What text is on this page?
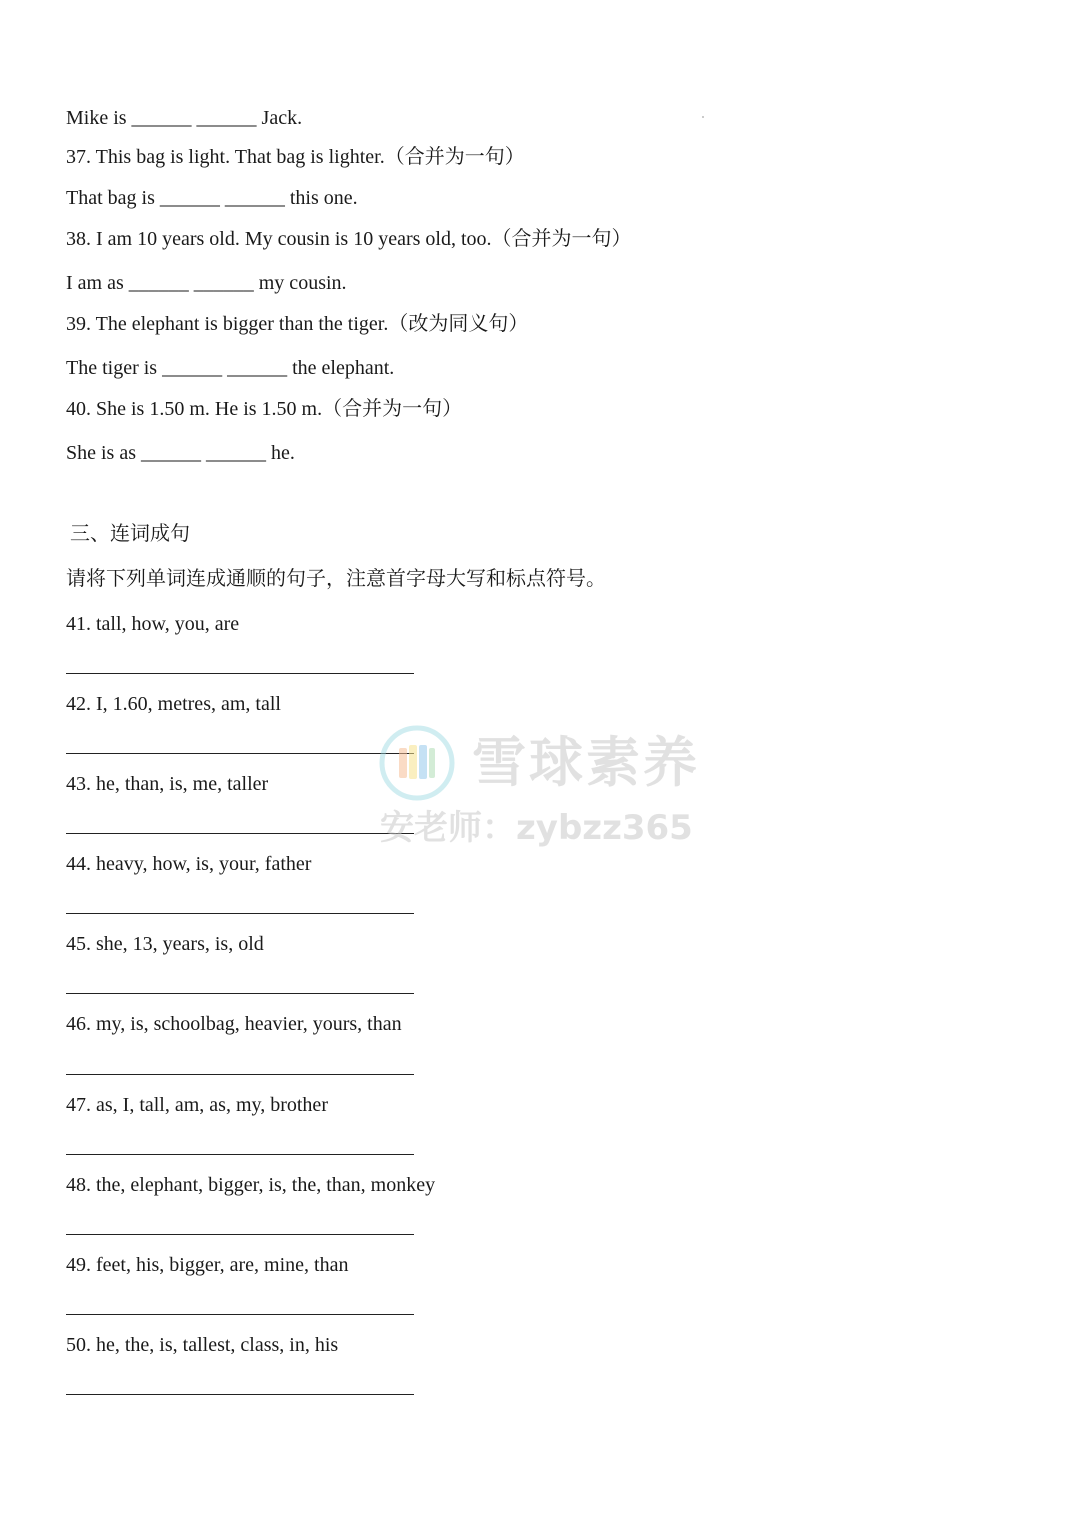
Mike is ______ ______ Jack.
37. This bag is light. That bag is lighter.（合并为一句）
That bag is ______ ______ this one.
38. I am 10 years old. My cousin is 10 years old, too.（合并为一句）
I am as ______ ______ my cousin.
39. The elephant is bigger than the tiger.（改为同义句）
The tiger is ______ ______ the elephant.
40. She is 1.50 m. He is 1.50 m.（合并为一句）
She is as ______ ______ he.
三、连词成句
请将下列单词连成通顺的句子，注意首字母大写和标点符号。
41. tall, how, you, are
42. I, 1.60, metres, am, tall
43. he, than, is, me, taller
44. heavy, how, is, your, father
45. she, 13, years, is, old
46. my, is, schoolbag, heavier, yours, than
47. as, I, tall, am, as, my, brother
48. the, elephant, bigger, is, the, than, monkey
49. feet, his, bigger, are, mine, than
50. he, the, is, tallest, class, in, his
雪球素养
安老师：zybzz365
